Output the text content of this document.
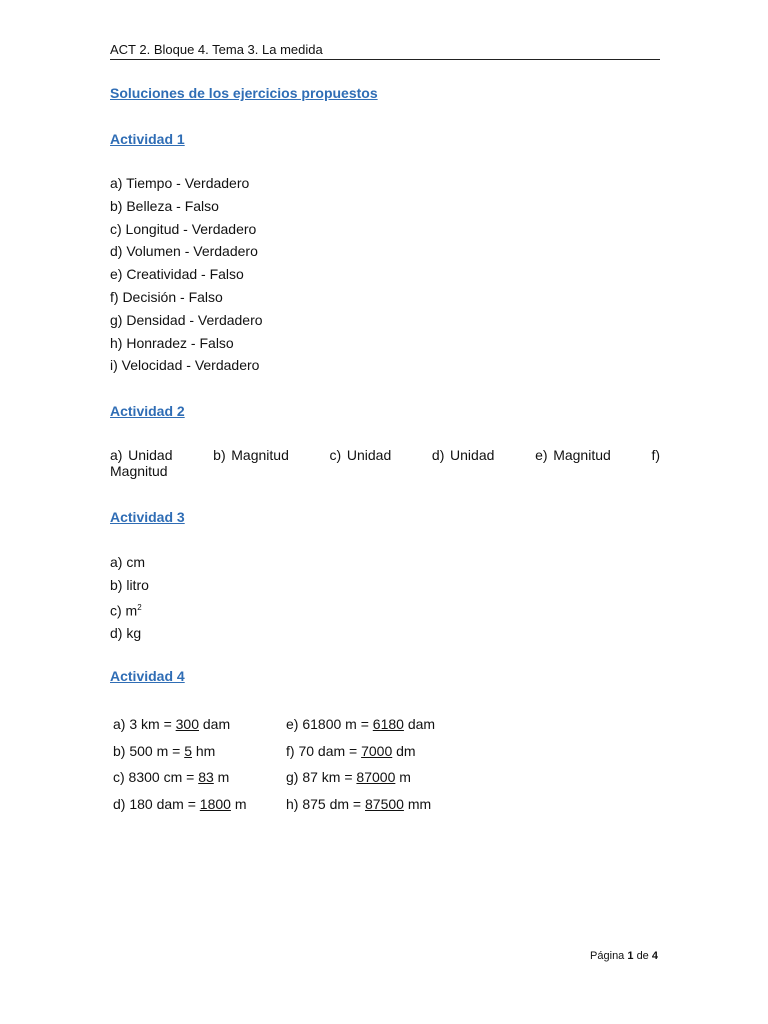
ACT 2. Bloque 4. Tema 3. La medida
Soluciones de los ejercicios propuestos
Actividad 1
a) Tiempo - Verdadero
b) Belleza - Falso
c) Longitud - Verdadero
d) Volumen - Verdadero
e) Creatividad - Falso
f) Decisión - Falso
g) Densidad - Verdadero
h) Honradez - Falso
i) Velocidad - Verdadero
Actividad 2
a) Unidad	b) Magnitud	c) Unidad	d) Unidad	e) Magnitud	f) Magnitud
Actividad 3
a) cm
b) litro
c) $m^2$
d) kg
Actividad 4
a) 3 km = 300 dam	e) 61800 m = 6180 dam
b) 500 m = 5 hm	f) 70 dam = 7000 dm
c) 8300 cm = 83 m	g) 87 km = 87000 m
d) 180 dam = 1800 m	h) 875 dm = 87500 mm
Página 1 de 4
